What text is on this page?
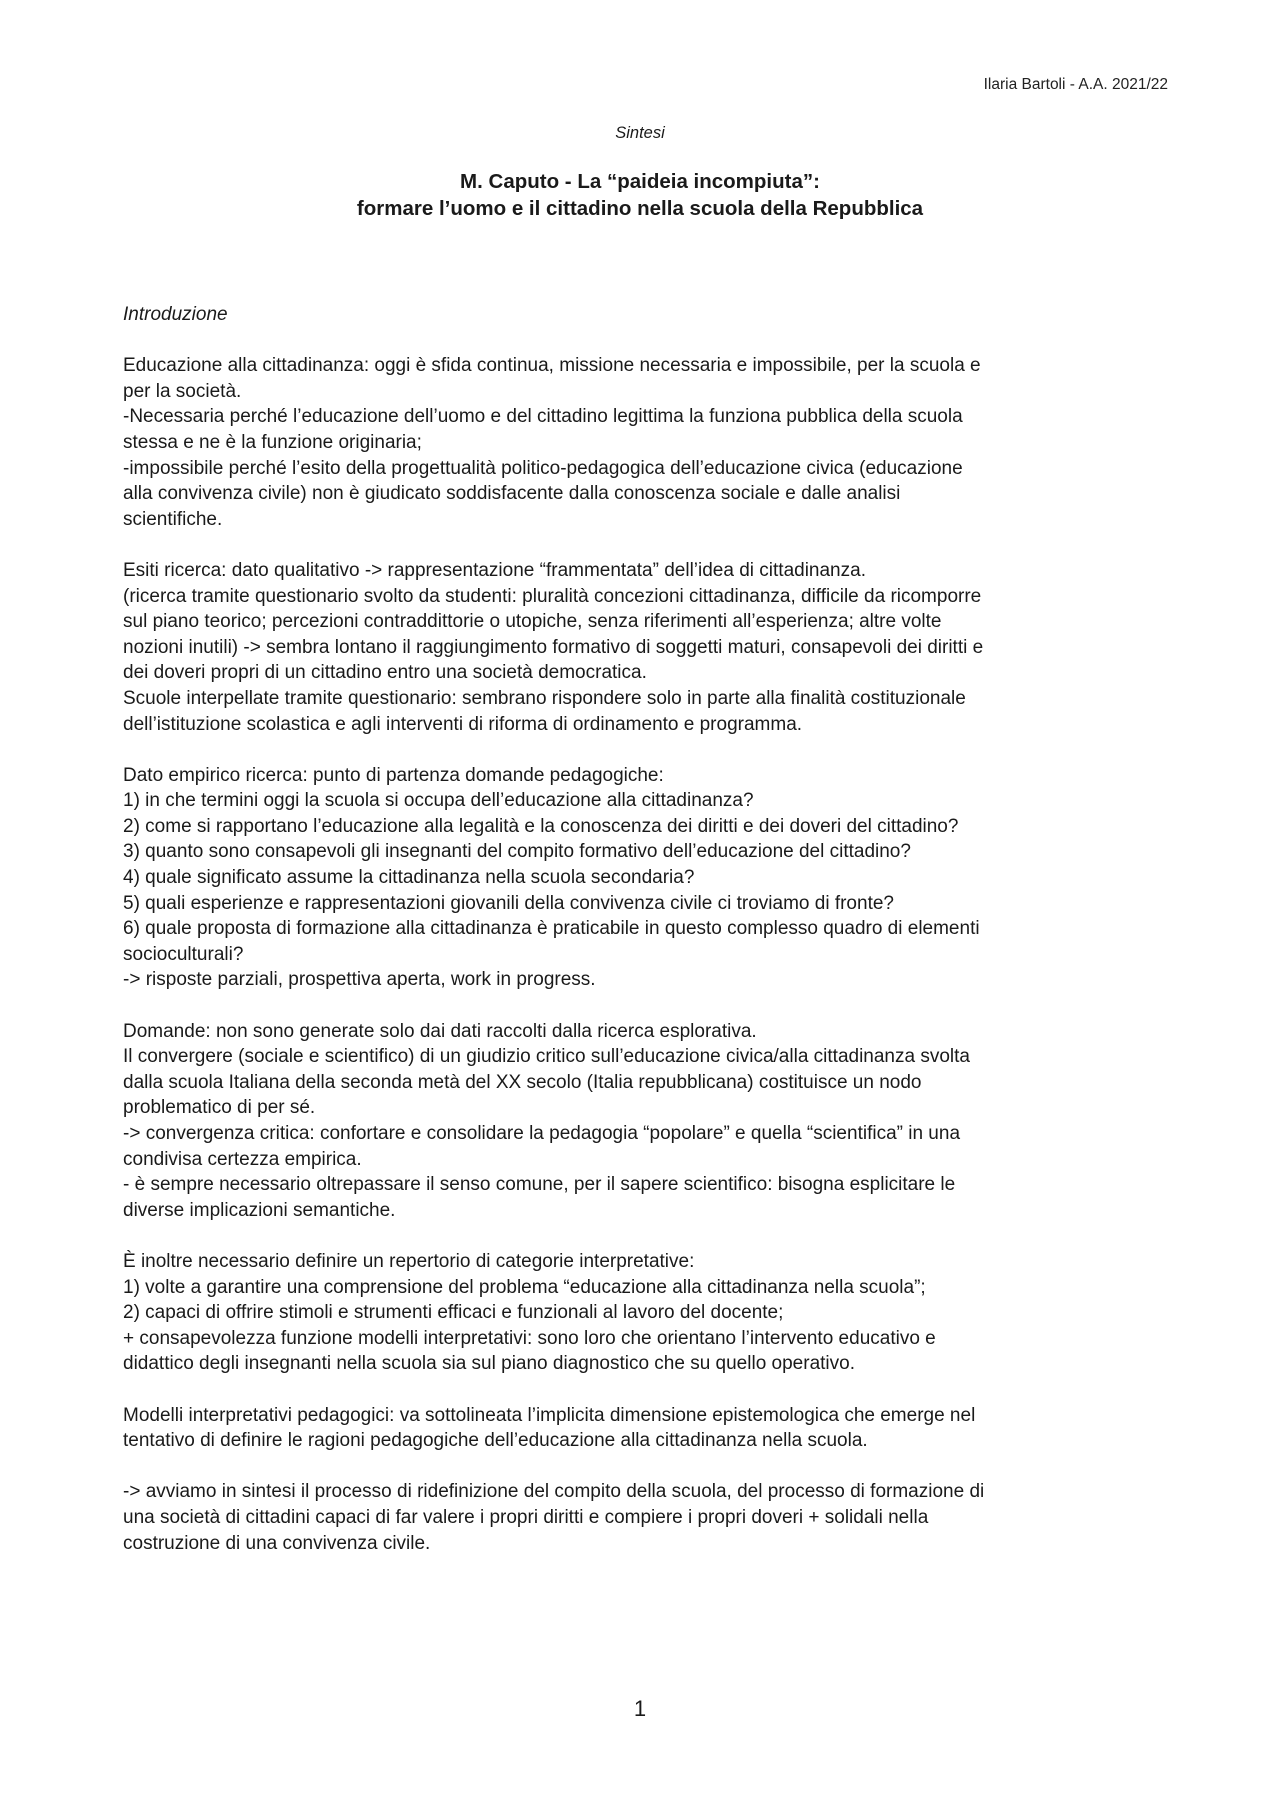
Ilaria Bartoli - A.A. 2021/22
Sintesi
M. Caputo - La “paideia incompiuta”:
formare l’uomo e il cittadino nella scuola della Repubblica
Introduzione
Educazione alla cittadinanza: oggi è sfida continua, missione necessaria e impossibile, per la scuola e
per la società.
-Necessaria perché l’educazione dell’uomo e del cittadino legittima la funziona pubblica della scuola
stessa e ne è la funzione originaria;
-impossibile perché l’esito della progettualità politico-pedagogica dell’educazione civica (educazione
alla convivenza civile) non è giudicato soddisfacente dalla conoscenza sociale e dalle analisi
scientifiche.
Esiti ricerca: dato qualitativo -> rappresentazione “frammentata” dell’idea di cittadinanza.
(ricerca tramite questionario svolto da studenti: pluralità concezioni cittadinanza, difficile da ricomporre
sul piano teorico; percezioni contraddittorie o utopiche, senza riferimenti all’esperienza; altre volte
nozioni inutili) -> sembra lontano il raggiungimento formativo di soggetti maturi, consapevoli dei diritti e
dei doveri propri di un cittadino entro una società democratica.
Scuole interpellate tramite questionario: sembrano rispondere solo in parte alla finalità costituzionale
dell’istituzione scolastica e agli interventi di riforma di ordinamento e programma.
Dato empirico ricerca: punto di partenza domande pedagogiche:
1) in che termini oggi la scuola si occupa dell’educazione alla cittadinanza?
2) come si rapportano l’educazione alla legalità e la conoscenza dei diritti e dei doveri del cittadino?
3) quanto sono consapevoli gli insegnanti del compito formativo dell’educazione del cittadino?
4) quale significato assume la cittadinanza nella scuola secondaria?
5) quali esperienze e rappresentazioni giovanili della convivenza civile ci troviamo di fronte?
6) quale proposta di formazione alla cittadinanza è praticabile in questo complesso quadro di elementi
socioculturali?
-> risposte parziali, prospettiva aperta, work in progress.
Domande: non sono generate solo dai dati raccolti dalla ricerca esplorativa.
Il convergere (sociale e scientifico) di un giudizio critico sull’educazione civica/alla cittadinanza svolta
dalla scuola Italiana della seconda metà del XX secolo (Italia repubblicana) costituisce un nodo
problematico di per sé.
-> convergenza critica: confortare e consolidare la pedagogia “popolare” e quella “scientifica” in una
condivisa certezza empirica.
- è sempre necessario oltrepassare il senso comune, per il sapere scientifico: bisogna esplicitare le
diverse implicazioni semantiche.
È inoltre necessario definire un repertorio di categorie interpretative:
1) volte a garantire una comprensione del problema “educazione alla cittadinanza nella scuola”;
2) capaci di offrire stimoli e strumenti efficaci e funzionali al lavoro del docente;
+ consapevolezza funzione modelli interpretativi: sono loro che orientano l’intervento educativo e
didattico degli insegnanti nella scuola sia sul piano diagnostico che su quello operativo.
Modelli interpretativi pedagogici: va sottolineata l’implicita dimensione epistemologica che emerge nel
tentativo di definire le ragioni pedagogiche dell’educazione alla cittadinanza nella scuola.
-> avviamo in sintesi il processo di ridefinizione del compito della scuola, del processo di formazione di
una società di cittadini capaci di far valere i propri diritti e compiere i propri doveri + solidali nella
costruzione di una convivenza civile.
1
